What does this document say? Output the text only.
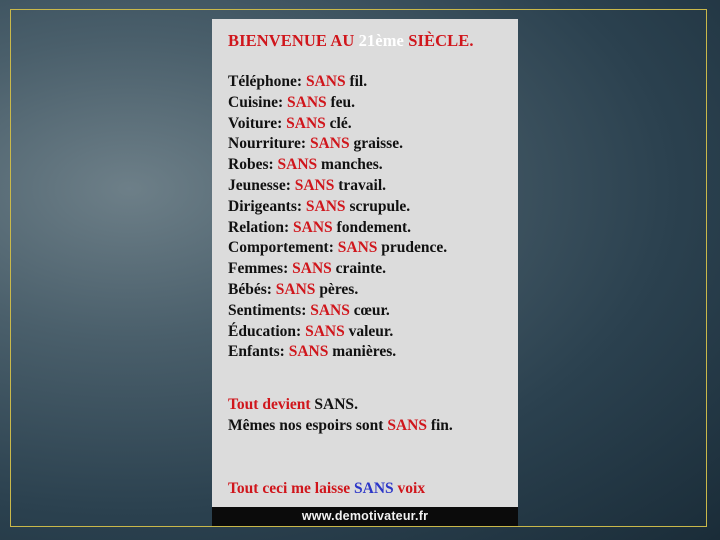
BIENVENUE AU 21ème SIÈCLE.
Téléphone: SANS fil.
Cuisine: SANS feu.
Voiture: SANS clé.
Nourriture: SANS graisse.
Robes: SANS manches.
Jeunesse: SANS travail.
Dirigeants: SANS scrupule.
Relation: SANS fondement.
Comportement: SANS prudence.
Femmes: SANS crainte.
Bébés: SANS pères.
Sentiments: SANS cœur.
Éducation: SANS valeur.
Enfants: SANS manières.
Tout devient SANS.
Mêmes nos espoirs sont SANS fin.
Tout ceci me laisse SANS voix
www.demotivateur.fr
